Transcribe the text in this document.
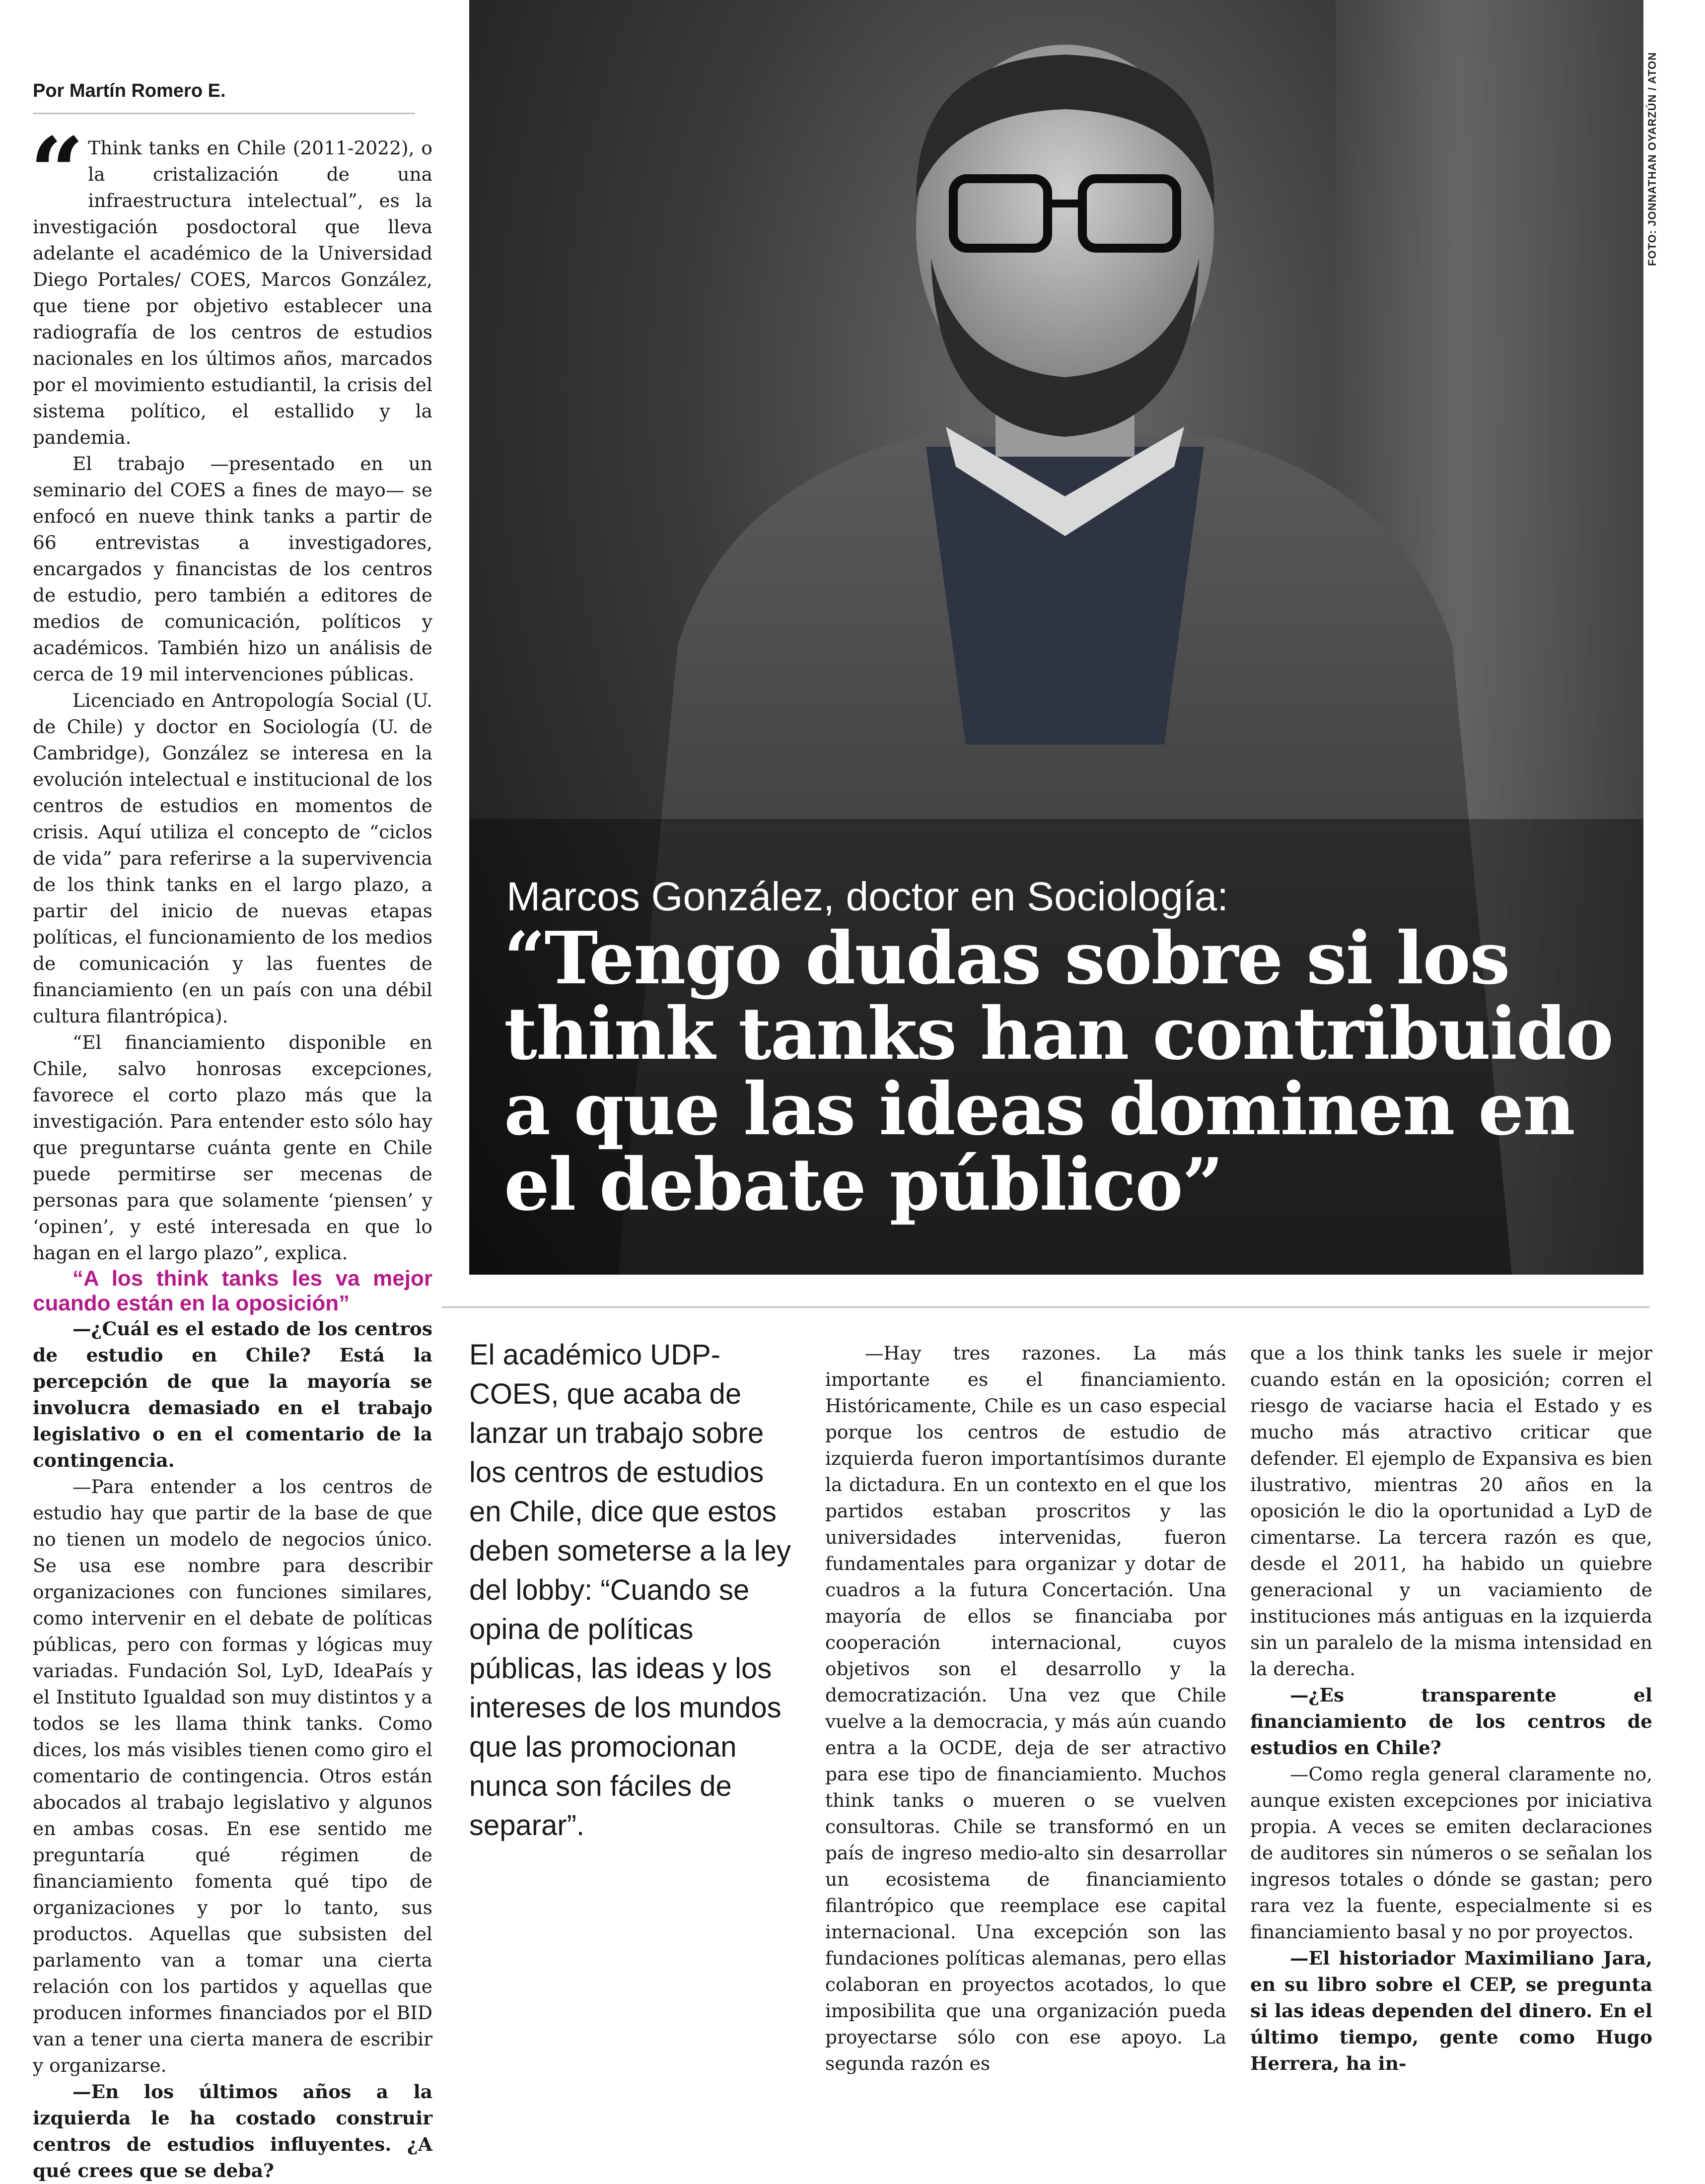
Por Martín Romero E.

“ Think tanks en Chile (2011-2022), o la cristalización de una infraestructura intelectual”, es la investigación posdoctoral que lleva adelante el académico de la Universidad Diego Portales/ COES, Marcos González, que tiene por objetivo establecer una radiografía de los centros de estudios nacionales en los últimos años, marcados por el movimiento estudiantil, la crisis del sistema político, el estallido y la pandemia.

El trabajo —presentado en un seminario del COES a fines de mayo— se enfocó en nueve think tanks a partir de 66 entrevistas a investigadores, encargados y financistas de los centros de estudio, pero también a editores de medios de comunicación, políticos y académicos. También hizo un análisis de cerca de 19 mil intervenciones públicas.

Licenciado en Antropología Social (U. de Chile) y doctor en Sociología (U. de Cambridge), González se interesa en la evolución intelectual e institucional de los centros de estudios en momentos de crisis. Aquí utiliza el concepto de “ciclos de vida” para referirse a la supervivencia de los think tanks en el largo plazo, a partir del inicio de nuevas etapas políticas, el funcionamiento de los medios de comunicación y las fuentes de financiamiento (en un país con una débil cultura filantrópica).

“El financiamiento disponible en Chile, salvo honrosas excepciones, favorece el corto plazo más que la investigación. Para entender esto sólo hay que preguntarse cuánta gente en Chile puede permitirse ser mecenas de personas para que solamente ‘piensen’ y ‘opinen’, y esté interesada en que lo hagan en el largo plazo”, explica.

“A los think tanks les va mejor cuando están en la oposición”

—¿Cuál es el estado de los centros de estudio en Chile? Está la percepción de que la mayoría se involucra demasiado en el trabajo legislativo o en el comentario de la contingencia.

—Para entender a los centros de estudio hay que partir de la base de que no tienen un modelo de negocios único. Se usa ese nombre para describir organizaciones con funciones similares, como intervenir en el debate de políticas públicas, pero con formas y lógicas muy variadas. Fundación Sol, LyD, IdeaPaís y el Instituto Igualdad son muy distintos y a todos se les llama think tanks. Como dices, los más visibles tienen como giro el comentario de contingencia. Otros están abocados al trabajo legislativo y algunos en ambas cosas. En ese sentido me preguntaría qué régimen de financiamiento fomenta qué tipo de organizaciones y por lo tanto, sus productos. Aquellas que subsisten del parlamento van a tomar una cierta relación con los partidos y aquellas que producen informes financiados por el BID van a tener una cierta manera de escribir y organizarse.

—En los últimos años a la izquierda le ha costado construir centros de estudios influyentes. ¿A qué crees que se deba?

FOTO: JONNATHAN OYARZÚN / ATON
Marcos González, doctor en Sociología:
“Tengo dudas sobre si los think tanks han contribuido a que las ideas dominen en el debate público”
El académico UDP-COES, que acaba de lanzar un trabajo sobre los centros de estudios en Chile, dice que estos deben someterse a la ley del lobby: “Cuando se opina de políticas públicas, las ideas y los intereses de los mundos que las promocionan nunca son fáciles de separar”.

—Hay tres razones. La más importante es el financiamiento. Históricamente, Chile es un caso especial porque los centros de estudio de izquierda fueron importantísimos durante la dictadura. En un contexto en el que los partidos estaban proscritos y las universidades intervenidas, fueron fundamentales para organizar y dotar de cuadros a la futura Concertación. Una mayoría de ellos se financiaba por cooperación internacional, cuyos objetivos son el desarrollo y la democratización. Una vez que Chile vuelve a la democracia, y más aún cuando entra a la OCDE, deja de ser atractivo para ese tipo de financiamiento. Muchos think tanks o mueren o se vuelven consultoras. Chile se transformó en un país de ingreso medio-alto sin desarrollar un ecosistema de financiamiento filantrópico que reemplace ese capital internacional. Una excepción son las fundaciones políticas alemanas, pero ellas colaboran en proyectos acotados, lo que imposibilita que una organización pueda proyectarse sólo con ese apoyo. La segunda razón es

que a los think tanks les suele ir mejor cuando están en la oposición; corren el riesgo de vaciarse hacia el Estado y es mucho más atractivo criticar que defender. El ejemplo de Expansiva es bien ilustrativo, mientras 20 años en la oposición le dio la oportunidad a LyD de cimentarse. La tercera razón es que, desde el 2011, ha habido un quiebre generacional y un vaciamiento de instituciones más antiguas en la izquierda sin un paralelo de la misma intensidad en la derecha.

—¿Es transparente el financiamiento de los centros de estudios en Chile?

—Como regla general claramente no, aunque existen excepciones por iniciativa propia. A veces se emiten declaraciones de auditores sin números o se señalan los ingresos totales o dónde se gastan; pero rara vez la fuente, especialmente si es financiamiento basal y no por proyectos.

—El historiador Maximiliano Jara, en su libro sobre el CEP, se pregunta si las ideas dependen del dinero. En el último tiempo, gente como Hugo Herrera, ha in-
